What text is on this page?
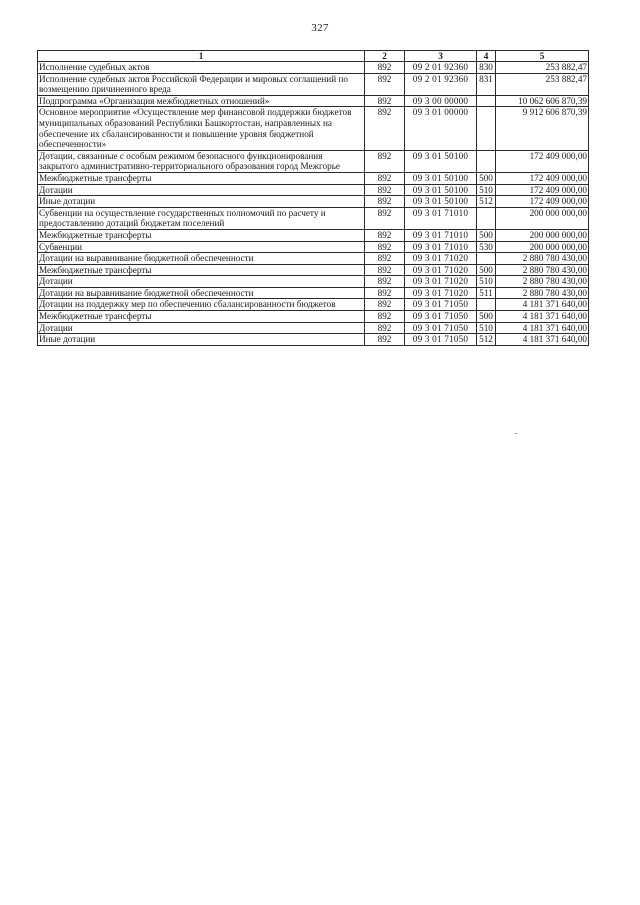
327
1	2	3	4	5
Исполнение судебных актов	892	09 2 01 92360	830	253 882,47
Исполнение судебных актов Российской Федерации и мировых соглашений по возмещению причиненного вреда	892	09 2 01 92360	831	253 882,47
Подпрограмма «Организация межбюджетных отношений»	892	09 3 00 00000		10 062 606 870,39
Основное мероприятие «Осуществление мер финансовой поддержки бюджетов муниципальных образований Республики Башкортостан, направленных на обеспечение их сбалансированности и повышение уровня бюджетной обеспеченности»	892	09 3 01 00000		9 912 606 870,39
Дотации, связанные с особым режимом безопасного функционирования закрытого административно-территориального образования город Межгорье	892	09 3 01 50100		172 409 000,00
Межбюджетные трансферты	892	09 3 01 50100	500	172 409 000,00
Дотации	892	09 3 01 50100	510	172 409 000,00
Иные дотации	892	09 3 01 50100	512	172 409 000,00
Субвенции на осуществление государственных полномочий по расчету и предоставлению дотаций бюджетам поселений	892	09 3 01 71010		200 000 000,00
Межбюджетные трансферты	892	09 3 01 71010	500	200 000 000,00
Субвенции	892	09 3 01 71010	530	200 000 000,00
Дотации на выравнивание бюджетной обеспеченности	892	09 3 01 71020		2 880 780 430,00
Межбюджетные трансферты	892	09 3 01 71020	500	2 880 780 430,00
Дотации	892	09 3 01 71020	510	2 880 780 430,00
Дотации на выравнивание бюджетной обеспеченности	892	09 3 01 71020	511	2 880 780 430,00
Дотации на поддержку мер по обеспечению сбалансированности бюджетов	892	09 3 01 71050		4 181 371 640,00
Межбюджетные трансферты	892	09 3 01 71050	500	4 181 371 640,00
Дотации	892	09 3 01 71050	510	4 181 371 640,00
Иные дотации	892	09 3 01 71050	512	4 181 371 640,00
